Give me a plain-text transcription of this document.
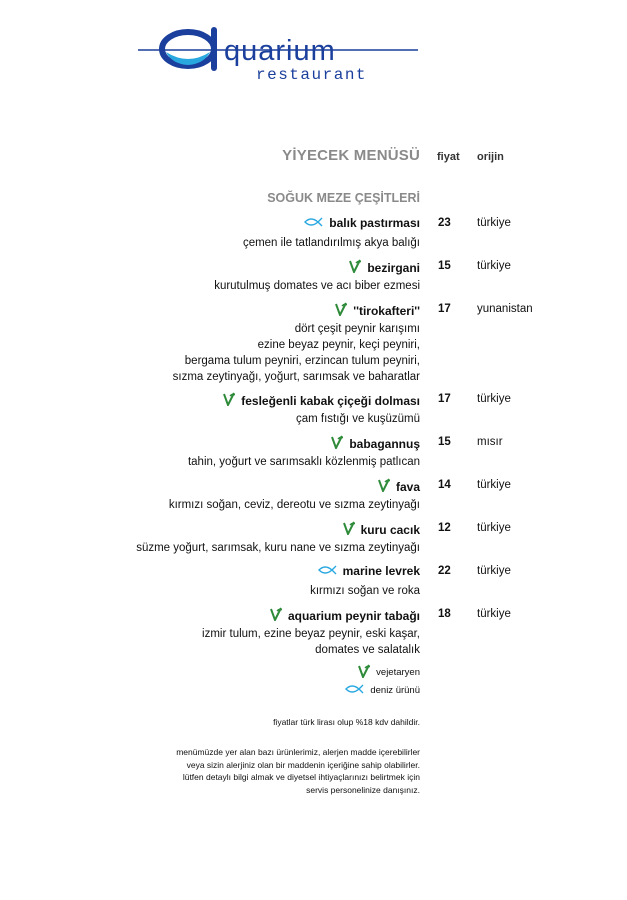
quarium
restaurant
YİYECEK MENÜSÜ fiyat orijin
SOĞUK MEZE ÇEŞİTLERİ
balık pastırması
çemen ile tatlandırılmış akya balığı
23 türkiye
bezirgani
kurutulmuş domates ve acı biber ezmesi
15 türkiye
''tirokafteri''
dört çeşit peynir karışımı
ezine beyaz peynir, keçi peyniri,
bergama tulum peyniri, erzincan tulum peyniri,
sızma zeytinyağı, yoğurt, sarımsak ve baharatlar
17 yunanistan
fesleğenli kabak çiçeği dolması
çam fıstığı ve kuşüzümü
17 türkiye
babagannuş
tahin, yoğurt ve sarımsaklı közlenmiş patlıcan
15 mısır
fava
kırmızı soğan, ceviz, dereotu ve sızma zeytinyağı
14 türkiye
kuru cacık
süzme yoğurt, sarımsak, kuru nane ve sızma zeytinyağı
12 türkiye
marine levrek
kırmızı soğan ve roka
22 türkiye
aquarium peynir tabağı
izmir tulum, ezine beyaz peynir, eski kaşar,
domates ve salatalık
18 türkiye
vejetaryen
deniz ürünü
fiyatlar türk lirası olup %18 kdv dahildir.
menümüzde yer alan bazı ürünlerimiz, alerjen madde içerebilirler
veya sizin alerjiniz olan bir maddenin içeriğine sahip olabilirler.
lütfen detaylı bilgi almak ve diyetsel ihtiyaçlarınızı belirtmek için
servis personelinize danışınız.
